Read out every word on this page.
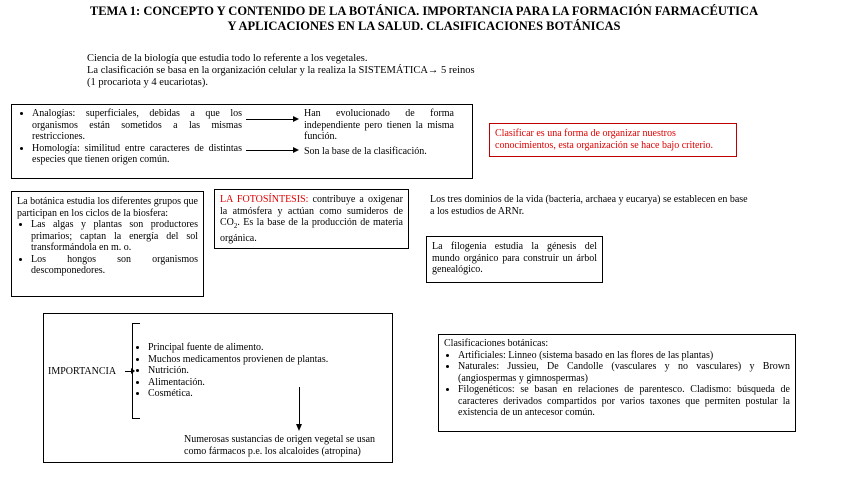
TEMA 1: CONCEPTO Y CONTENIDO DE LA BOTÁNICA. IMPORTANCIA PARA LA FORMACIÓN FARMACÉUTICA
Y APLICACIONES EN LA SALUD. CLASIFICACIONES BOTÁNICAS
Ciencia de la biología que estudia todo lo referente a los vegetales.
La clasificación se basa en la organización celular y la realiza la SISTEMÁTICA→ 5 reinos
(1 procariota y 4 eucariotas).
• Analogías: superficiales, debidas a que los organismos están sometidos a las mismas restricciones.
• Homología: similitud entre caracteres de distintas especies que tienen origen común.
Han evolucionado de forma independiente pero tienen la misma función.
Son la base de la clasificación.
Clasificar es una forma de organizar nuestros conocimientos, esta organización se hace bajo criterio.
La botánica estudia los diferentes grupos que participan en los ciclos de la biosfera:
• Las algas y plantas son productores primarios; captan la energía del sol transformándola en m. o.
• Los hongos son organismos descomponedores.
LA FOTOSÍNTESIS: contribuye a oxigenar la atmósfera y actúan como sumideros de $CO_2$. Es la base de la producción de materia orgánica.
Los tres dominios de la vida (bacteria, archaea y eucarya) se establecen en base a los estudios de ARNr.
La filogenia estudia la génesis del mundo orgánico para construir un árbol genealógico.
IMPORTANCIA
• Principal fuente de alimento.
• Muchos medicamentos provienen de plantas.
• Nutrición.
• Alimentación.
• Cosmética.
Numerosas sustancias de origen vegetal se usan
como fármacos p.e. los alcaloides (atropina)
Clasificaciones botánicas:
• Artificiales: Linneo (sistema basado en las flores de las plantas)
• Naturales: Jussieu, De Candolle (vasculares y no vasculares) y Brown (angiospermas y gimnospermas)
• Filogenéticos: se basan en relaciones de parentesco. Cladismo: búsqueda de caracteres derivados compartidos por varios taxones que permiten postular la existencia de un antecesor común.
